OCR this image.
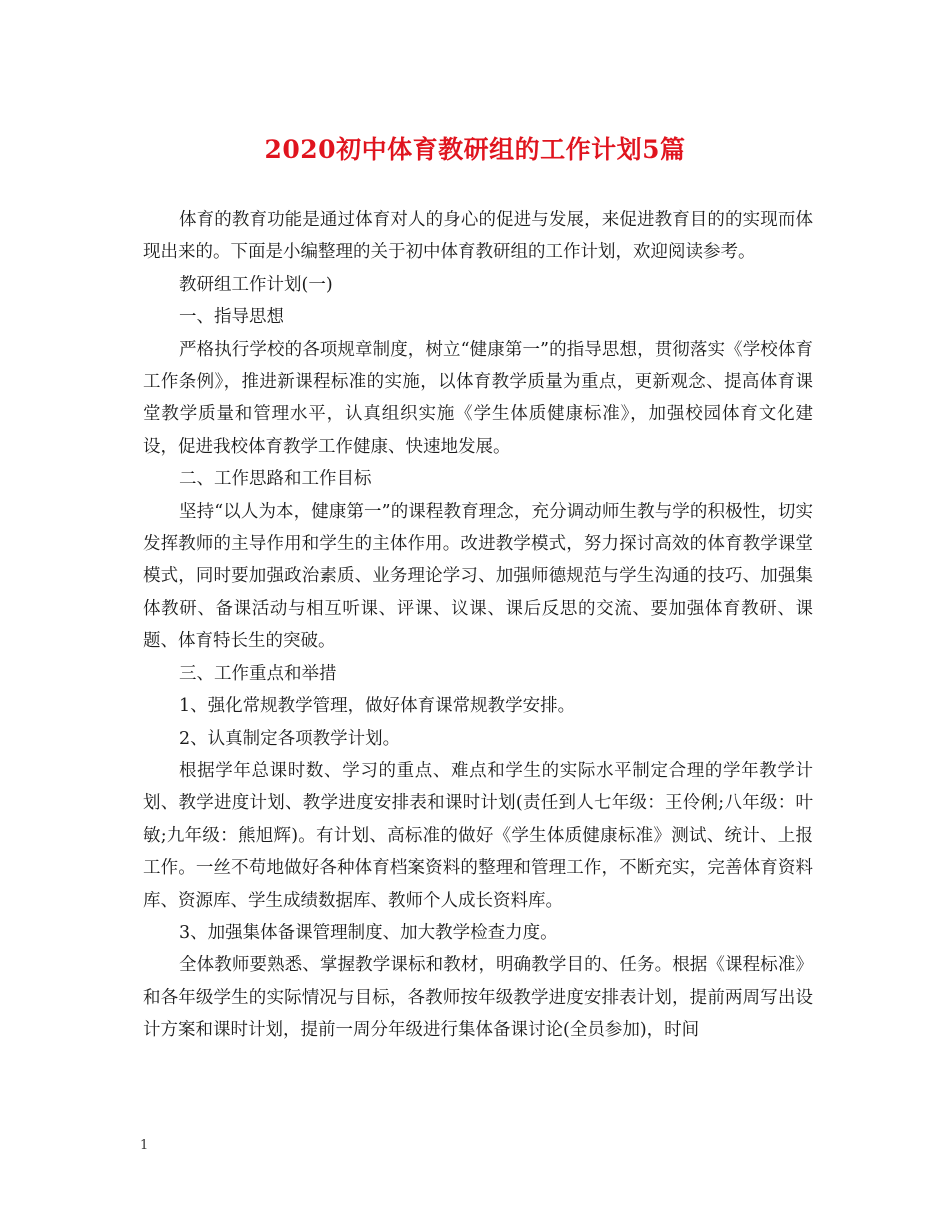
2020初中体育教研组的工作计划5篇

体育的教育功能是通过体育对人的身心的促进与发展，来促进教育目的的实现而体现出来的。下面是小编整理的关于初中体育教研组的工作计划，欢迎阅读参考。

教研组工作计划(一)

一、指导思想

严格执行学校的各项规章制度，树立“健康第一”的指导思想，贯彻落实《学校体育工作条例》，推进新课程标准的实施，以体育教学质量为重点，更新观念、提高体育课堂教学质量和管理水平，认真组织实施《学生体质健康标准》，加强校园体育文化建设，促进我校体育教学工作健康、快速地发展。

二、工作思路和工作目标

坚持“以人为本，健康第一”的课程教育理念，充分调动师生教与学的积极性，切实发挥教师的主导作用和学生的主体作用。改进教学模式，努力探讨高效的体育教学课堂模式，同时要加强政治素质、业务理论学习、加强师德规范与学生沟通的技巧、加强集体教研、备课活动与相互听课、评课、议课、课后反思的交流、要加强体育教研、课题、体育特长生的突破。

三、工作重点和举措

1、强化常规教学管理，做好体育课常规教学安排。

2、认真制定各项教学计划。

根据学年总课时数、学习的重点、难点和学生的实际水平制定合理的学年教学计划、教学进度计划、教学进度安排表和课时计划(责任到人七年级：王伶俐;八年级：叶敏;九年级：熊旭辉)。有计划、高标准的做好《学生体质健康标准》测试、统计、上报工作。一丝不苟地做好各种体育档案资料的整理和管理工作，不断充实，完善体育资料库、资源库、学生成绩数据库、教师个人成长资料库。

3、加强集体备课管理制度、加大教学检查力度。

全体教师要熟悉、掌握教学课标和教材，明确教学目的、任务。根据《课程标准》和各年级学生的实际情况与目标，各教师按年级教学进度安排表计划，提前两周写出设计方案和课时计划，提前一周分年级进行集体备课讨论(全员参加)，时间

1
